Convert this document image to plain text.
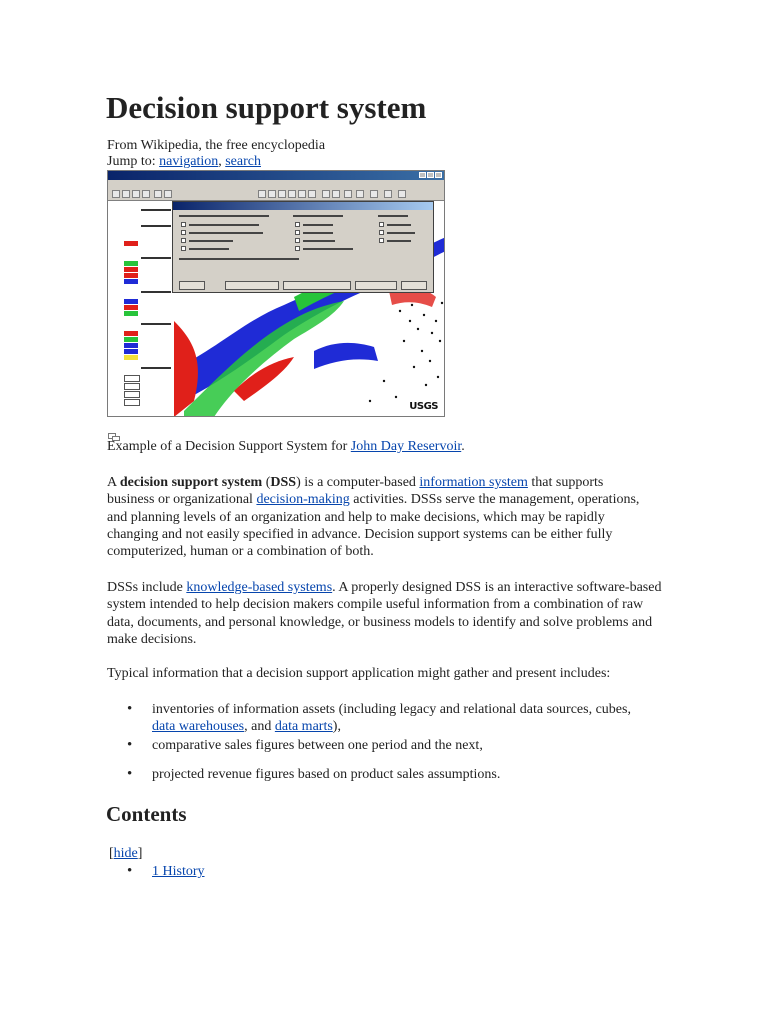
Decision support system
From Wikipedia, the free encyclopedia
Jump to: navigation, search
USGS
Example of a Decision Support System for John Day Reservoir.
A decision support system (DSS) is a computer-based information system that supports business or organizational decision-making activities. DSSs serve the management, operations, and planning levels of an organization and help to make decisions, which may be rapidly changing and not easily specified in advance. Decision support systems can be either fully computerized, human or a combination of both.
DSSs include knowledge-based systems. A properly designed DSS is an interactive software-based system intended to help decision makers compile useful information from a combination of raw data, documents, and personal knowledge, or business models to identify and solve problems and make decisions.
Typical information that a decision support application might gather and present includes:
• inventories of information assets (including legacy and relational data sources, cubes, data warehouses, and data marts),
• comparative sales figures between one period and the next,
• projected revenue figures based on product sales assumptions.
Contents
[hide]
• 1 History
